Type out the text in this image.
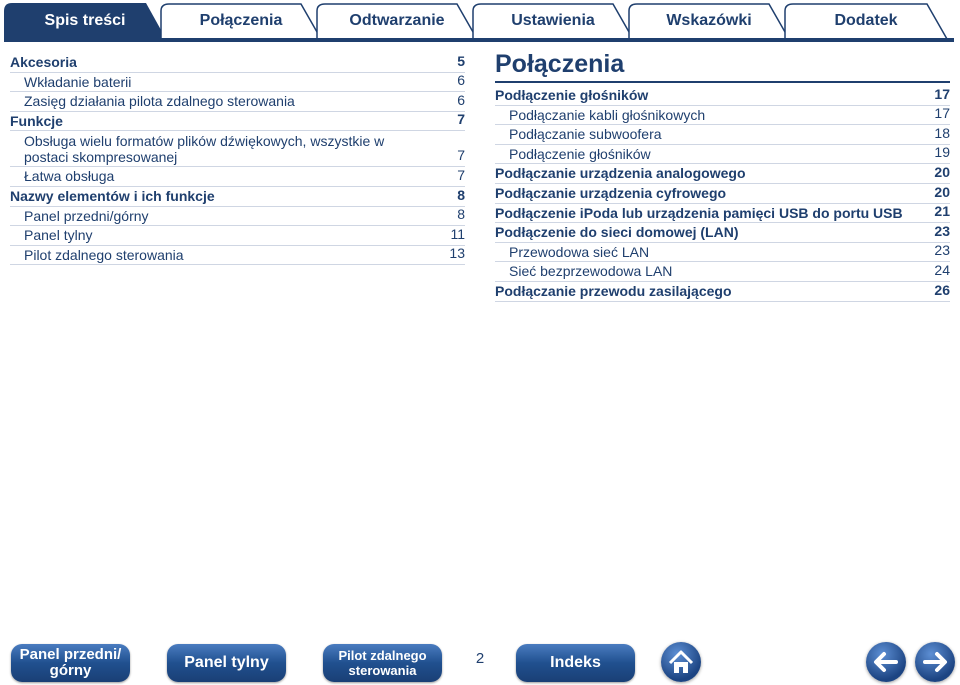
Spis treści	Połączenia	Odtwarzanie	Ustawienia	Wskazówki	Dodatek
Akcesoria	5
Wkładanie baterii	6
Zasięg działania pilota zdalnego sterowania	6
Funkcje	7
Obsługa wielu formatów plików dźwiękowych, wszystkie w postaci skompresowanej	7
Łatwa obsługa	7
Nazwy elementów i ich funkcje	8
Panel przedni/górny	8
Panel tylny	11
Pilot zdalnego sterowania	13
Połączenia
Podłączenie głośników	17
Podłączanie kabli głośnikowych	17
Podłączanie subwoofera	18
Podłączenie głośników	19
Podłączanie urządzenia analogowego	20
Podłączanie urządzenia cyfrowego	20
Podłączenie iPoda lub urządzenia pamięci USB do portu USB	21
Podłączenie do sieci domowej (LAN)	23
Przewodowa sieć LAN	23
Sieć bezprzewodowa LAN	24
Podłączanie przewodu zasilającego	26
Panel przedni/
górny	Panel tylny	Pilot zdalnego
sterowania
2	Indeks
